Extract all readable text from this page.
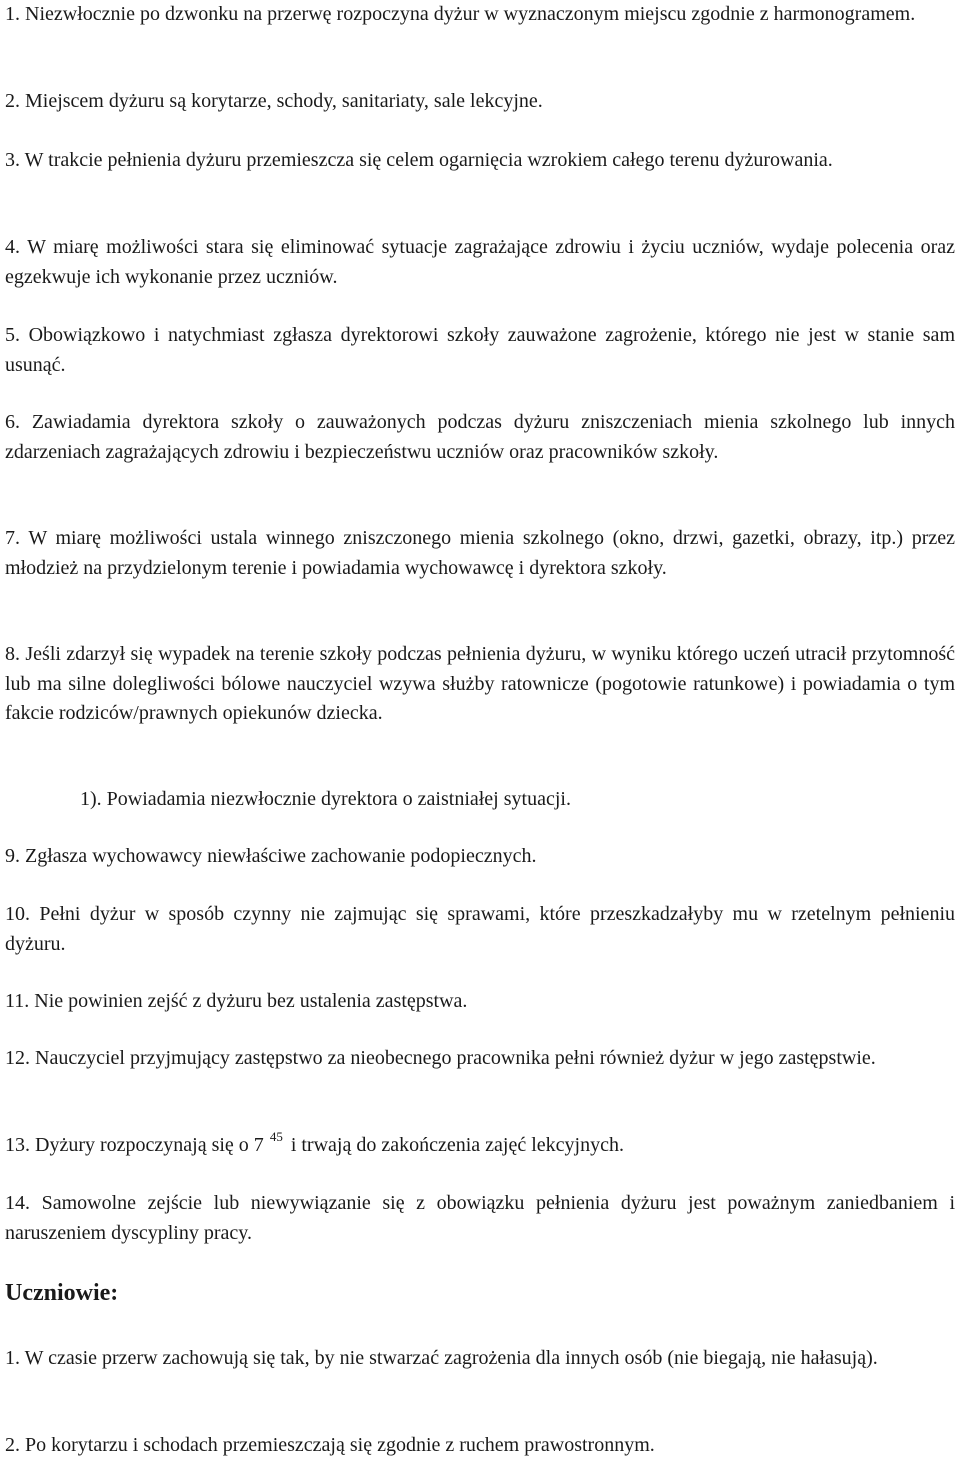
1. Niezwłocznie po dzwonku na przerwę rozpoczyna dyżur w wyznaczonym miejscu zgodnie z harmonogramem.

2. Miejscem dyżuru są korytarze, schody, sanitariaty, sale lekcyjne.

3. W trakcie pełnienia dyżuru przemieszcza się celem ogarnięcia wzrokiem całego terenu dyżurowania.

4. W miarę możliwości stara się eliminować sytuacje zagrażające zdrowiu i życiu uczniów, wydaje polecenia oraz egzekwuje ich wykonanie przez uczniów.

5. Obowiązkowo i natychmiast zgłasza dyrektorowi szkoły zauważone zagrożenie, którego nie jest w stanie sam usunąć.

6. Zawiadamia dyrektora szkoły o zauważonych podczas dyżuru zniszczeniach mienia szkolnego lub innych zdarzeniach zagrażających zdrowiu i bezpieczeństwu uczniów oraz pracowników szkoły.

7. W miarę możliwości ustala winnego zniszczonego mienia szkolnego (okno, drzwi, gazetki, obrazy, itp.) przez młodzież na przydzielonym terenie i powiadamia wychowawcę i dyrektora szkoły.

8. Jeśli zdarzył się wypadek na terenie szkoły podczas pełnienia dyżuru, w wyniku którego uczeń utracił przytomność lub ma silne dolegliwości bólowe nauczyciel wzywa służby ratownicze (pogotowie ratunkowe) i powiadamia o tym fakcie rodziców/prawnych opiekunów dziecka.

1). Powiadamia niezwłocznie dyrektora o zaistniałej sytuacji.

9. Zgłasza wychowawcy niewłaściwe zachowanie podopiecznych.

10. Pełni dyżur w sposób czynny nie zajmując się sprawami, które przeszkadzałyby mu w rzetelnym pełnieniu dyżuru.

11. Nie powinien zejść z dyżuru bez ustalenia zastępstwa.

12. Nauczyciel przyjmujący zastępstwo za nieobecnego pracownika pełni również dyżur w jego zastępstwie.

13. Dyżury rozpoczynają się o 7 $^{45}$ i trwają do zakończenia zajęć lekcyjnych.

14. Samowolne zejście lub niewywiązanie się z obowiązku pełnienia dyżuru jest poważnym zaniedbaniem i naruszeniem dyscypliny pracy.

Uczniowie:

1. W czasie przerw zachowują się tak, by nie stwarzać zagrożenia dla innych osób (nie biegają, nie hałasują).

2. Po korytarzu i schodach przemieszczają się zgodnie z ruchem prawostronnym.
